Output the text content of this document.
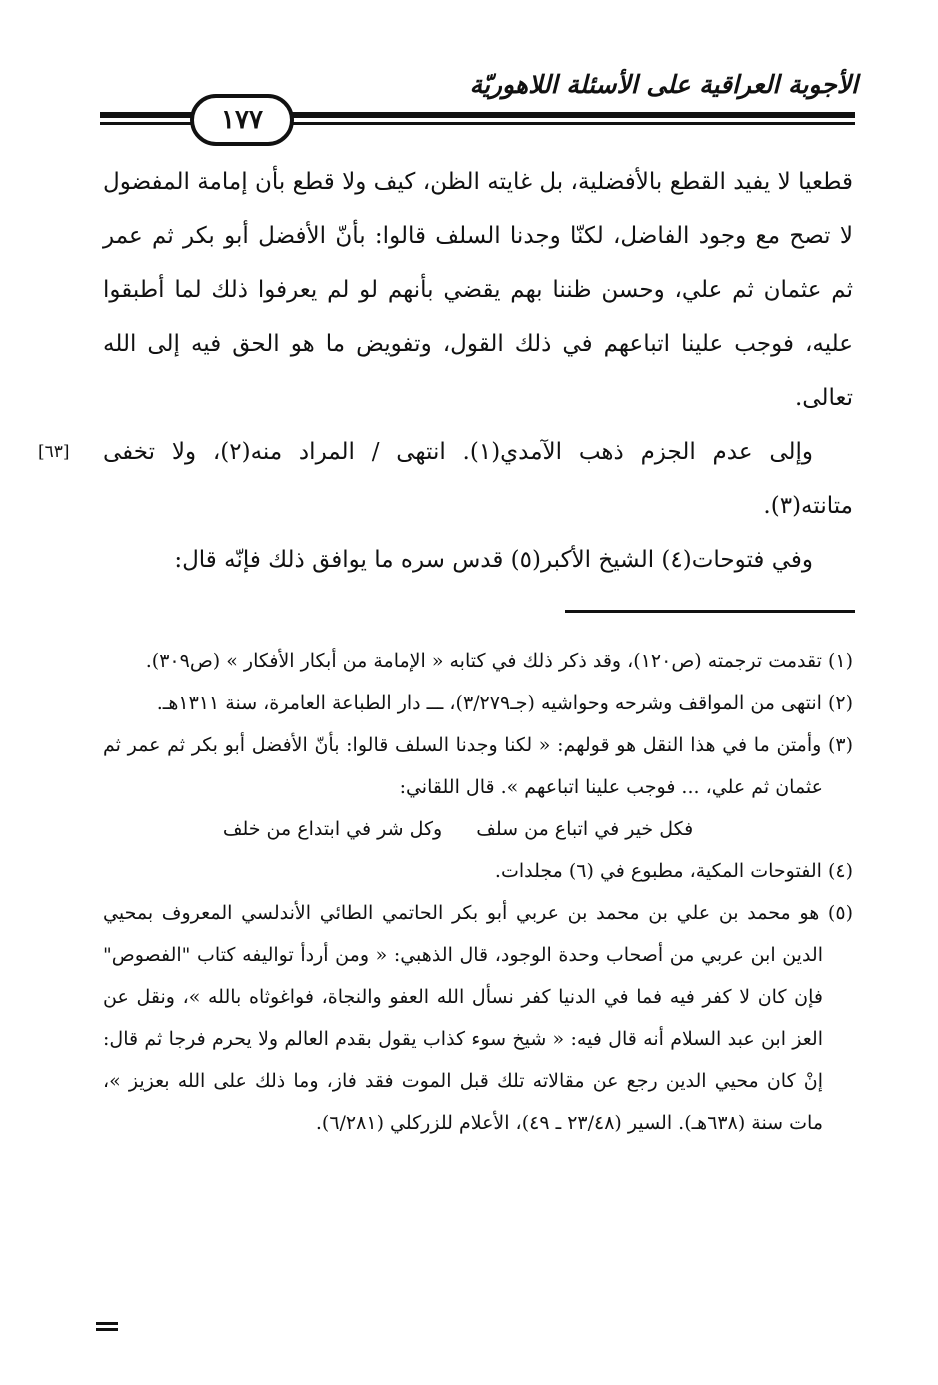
الأجوبة العراقية على الأسئلة اللاهوريّة
١٧٧

قطعيا لا يفيد القطع بالأفضلية، بل غايته الظن، كيف ولا قطع بأن إمامة المفضول لا تصح مع وجود الفاضل، لكنّا وجدنا السلف قالوا: بأنّ الأفضل أبو بكر ثم عمر ثم عثمان ثم علي، وحسن ظننا بهم يقضي بأنهم لو لم يعرفوا ذلك لما أطبقوا عليه، فوجب علينا اتباعهم في ذلك القول، وتفويض ما هو الحق فيه إلى الله تعالى.

وإلى عدم الجزم ذهب الآمدي(١). انتهى / المراد منه(٢)، ولا تخفى متانته(٣).

وفي فتوحات(٤) الشيخ الأكبر(٥) قدس سره ما يوافق ذلك فإنّه قال:

[٦٣]

(١) تقدمت ترجمته (ص١٢٠)، وقد ذكر ذلك في كتابه « الإمامة من أبكار الأفكار » (ص٣٠٩).

(٢) انتهى من المواقف وشرحه وحواشيه (جـ٣/٢٧٩)، ـــ دار الطباعة العامرة، سنة ١٣١١هـ.

(٣) وأمتن ما في هذا النقل هو قولهم: « لكنا وجدنا السلف قالوا: بأنّ الأفضل أبو بكر ثم عمر ثم عثمان ثم علي، ... فوجب علينا اتباعهم ». قال اللقاني:

فكل خير في اتباع من سلف
وكل شر في ابتداع من خلف

(٤) الفتوحات المكية، مطبوع في (٦) مجلدات.

(٥) هو محمد بن علي بن محمد بن عربي أبو بكر الحاتمي الطائي الأندلسي المعروف بمحيي الدين ابن عربي من أصحاب وحدة الوجود، قال الذهبي: « ومن أردأ تواليفه كتاب "الفصوص" فإن كان لا كفر فيه فما في الدنيا كفر نسأل الله العفو والنجاة، فواغوثاه بالله »، ونقل عن العز ابن عبد السلام أنه قال فيه: « شيخ سوء كذاب يقول بقدم العالم ولا يحرم فرجا ثم قال: إنْ كان محيي الدين رجع عن مقالاته تلك قبل الموت فقد فاز، وما ذلك على الله بعزيز »، مات سنة (٦٣٨هـ). السير (٢٣/٤٨ ـ ٤٩)، الأعلام للزركلي (٦/٢٨١).
